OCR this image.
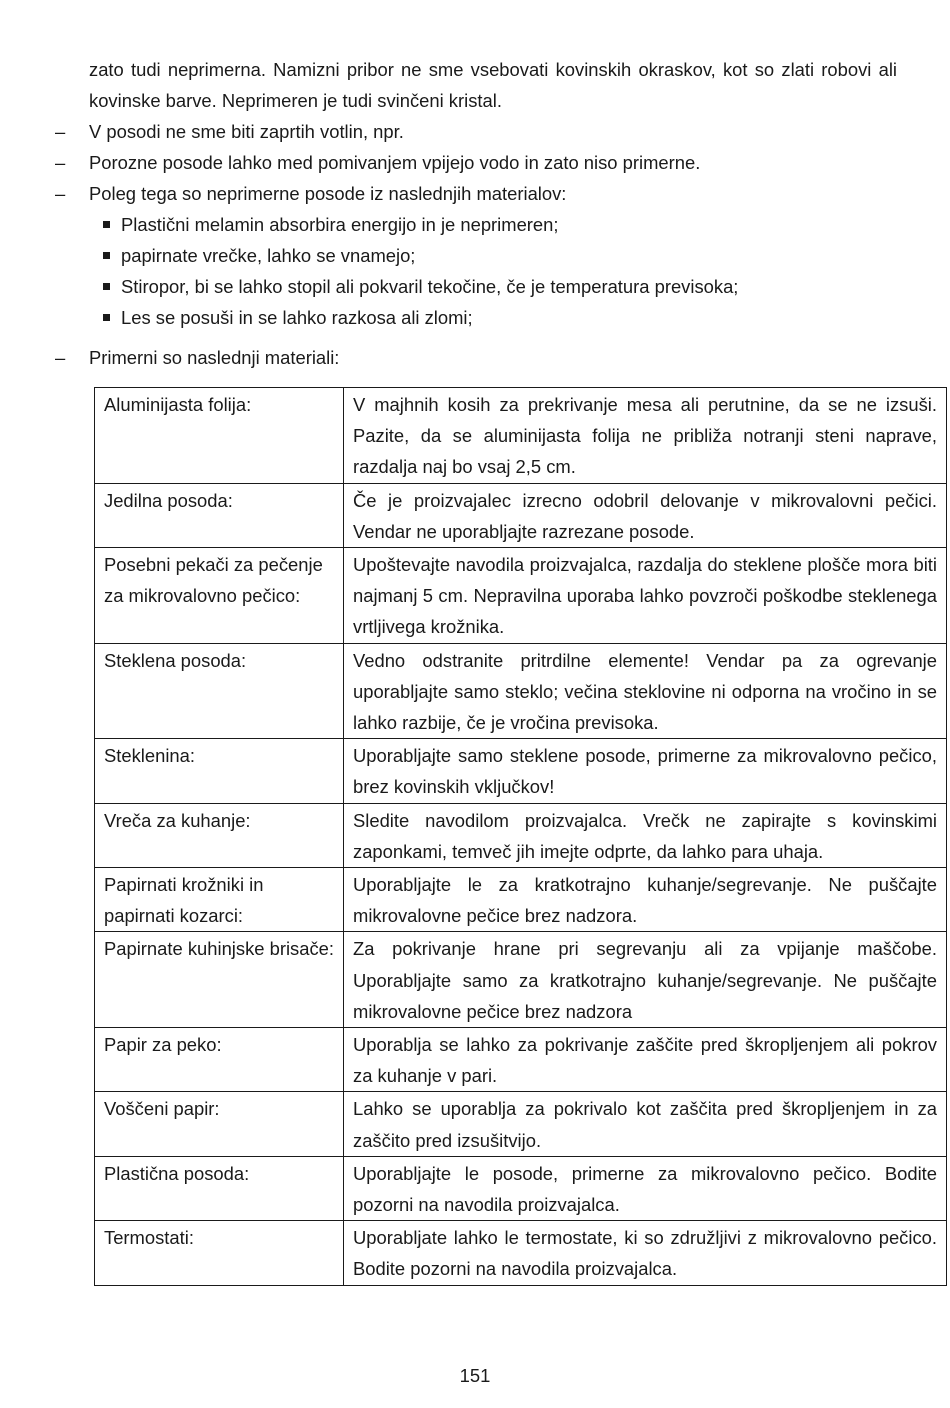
zato tudi neprimerna. Namizni pribor ne sme vsebovati kovinskih okraskov, kot so zlati robovi ali kovinske barve. Neprimeren je tudi svinčeni kristal.
– V posodi ne sme biti zaprtih votlin, npr.
– Porozne posode lahko med pomivanjem vpijejo vodo in zato niso primerne.
– Poleg tega so neprimerne posode iz naslednjih materialov:
Plastični melamin absorbira energijo in je neprimeren;
papirnate vrečke, lahko se vnamejo;
Stiropor, bi se lahko stopil ali pokvaril tekočine, če je temperatura previsoka;
Les se posuši in se lahko razkosa ali zlomi;
– Primerni so naslednji materiali:
Aluminijasta folija:	V majhnih kosih za prekrivanje mesa ali perutnine, da se ne izsuši. Pazite, da se aluminijasta folija ne približa notranji steni naprave, razdalja naj bo vsaj 2,5 cm.
Jedilna posoda:	Če je proizvajalec izrecno odobril delovanje v mikrovalovni pečici. Vendar ne uporabljajte razrezane posode.
Posebni pekači za pečenje za mikrovalovno pečico:	Upoštevajte navodila proizvajalca, razdalja do steklene plošče mora biti najmanj 5 cm. Nepravilna uporaba lahko povzroči poškodbe steklenega vrtljivega krožnika.
Steklena posoda:	Vedno odstranite pritrdilne elemente! Vendar pa za ogrevanje uporabljajte samo steklo; večina steklovine ni odporna na vročino in se lahko razbije, če je vročina previsoka.
Steklenina:	Uporabljajte samo steklene posode, primerne za mikrovalovno pečico, brez kovinskih vključkov!
Vreča za kuhanje:	Sledite navodilom proizvajalca. Vrečk ne zapirajte s kovinskimi zaponkami, temveč jih imejte odprte, da lahko para uhaja.
Papirnati krožniki in papirnati kozarci:	Uporabljajte le za kratkotrajno kuhanje/segrevanje. Ne puščajte mikrovalovne pečice brez nadzora.
Papirnate kuhinjske brisače:	Za pokrivanje hrane pri segrevanju ali za vpijanje maščobe. Uporabljajte samo za kratkotrajno kuhanje/segrevanje. Ne puščajte mikrovalovne pečice brez nadzora
Papir za peko:	Uporablja se lahko za pokrivanje zaščite pred škropljenjem ali pokrov za kuhanje v pari.
Voščeni papir:	Lahko se uporablja za pokrivalo kot zaščita pred škropljenjem in za zaščito pred izsušitvijo.
Plastična posoda:	Uporabljajte le posode, primerne za mikrovalovno pečico. Bodite pozorni na navodila proizvajalca.
Termostati:	Uporabljate lahko le termostate, ki so združljivi z mikrovalovno pečico. Bodite pozorni na navodila proizvajalca.
151
